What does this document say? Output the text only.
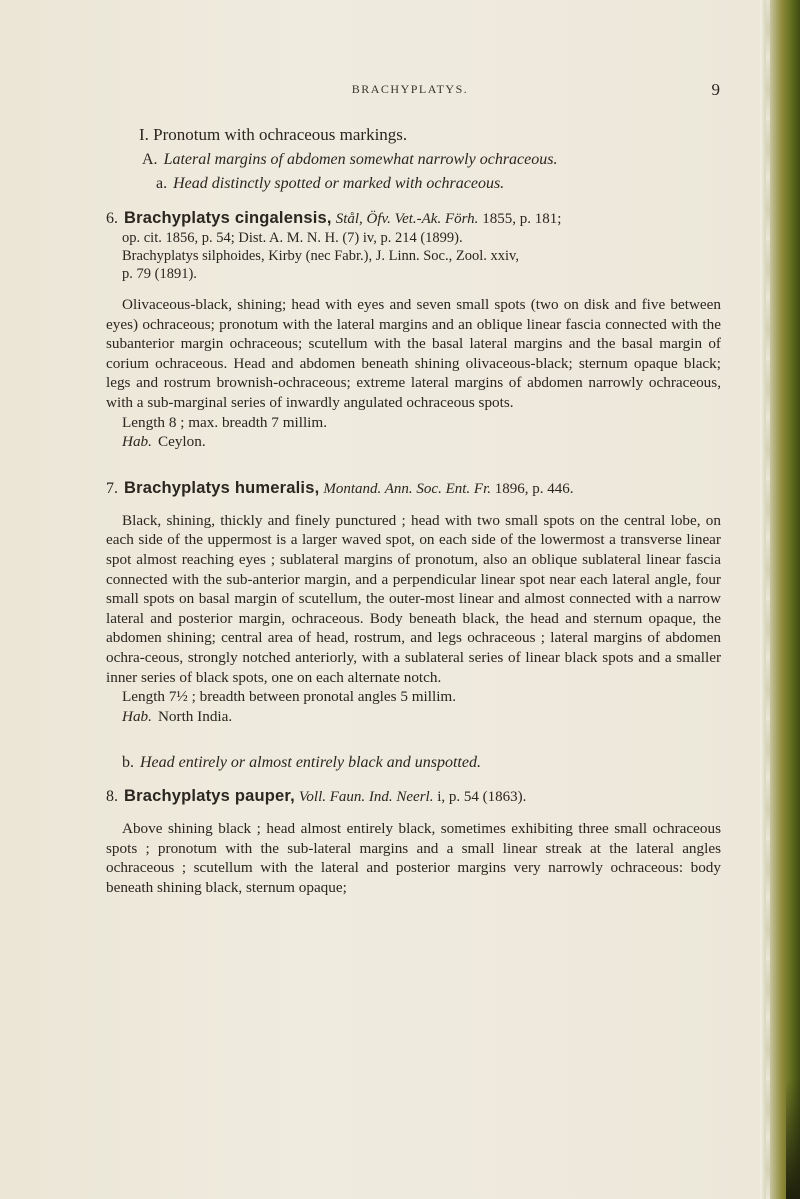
BRACHYPLATYS.	9

I. Pronotum with ochraceous markings.

A. Lateral margins of abdomen somewhat narrowly ochraceous.

a. Head distinctly spotted or marked with ochraceous.

6. Brachyplatys cingalensis, Stål, Öfv. Vet.-Ak. Förh. 1855, p. 181;

op. cit. 1856, p. 54; Dist. A. M. N. H. (7) iv, p. 214 (1899).

Brachyplatys silphoides, Kirby (nec Fabr.), J. Linn. Soc., Zool. xxiv,

p. 79 (1891).

Olivaceous-black, shining; head with eyes and seven small spots (two on disk and five between eyes) ochraceous; pronotum with the lateral margins and an oblique linear fascia connected with the subanterior margin ochraceous; scutellum with the basal lateral margins and the basal margin of corium ochraceous. Head and abdomen beneath shining olivaceous-black; sternum opaque black; legs and rostrum brownish-ochraceous; extreme lateral margins of abdomen narrowly ochraceous, with a sub-marginal series of inwardly angulated ochraceous spots.

Length 8 ; max. breadth 7 millim.

Hab. Ceylon.

7. Brachyplatys humeralis, Montand. Ann. Soc. Ent. Fr. 1896, p. 446.

Black, shining, thickly and finely punctured ; head with two small spots on the central lobe, on each side of the uppermost is a larger waved spot, on each side of the lowermost a transverse linear spot almost reaching eyes ; sublateral margins of pronotum, also an oblique sublateral linear fascia connected with the sub-anterior margin, and a perpendicular linear spot near each lateral angle, four small spots on basal margin of scutellum, the outer-most linear and almost connected with a narrow lateral and posterior margin, ochraceous. Body beneath black, the head and sternum opaque, the abdomen shining; central area of head, rostrum, and legs ochraceous ; lateral margins of abdomen ochra-ceous, strongly notched anteriorly, with a sublateral series of linear black spots and a smaller inner series of black spots, one on each alternate notch.

Length 7½ ; breadth between pronotal angles 5 millim.

Hab. North India.

b. Head entirely or almost entirely black and unspotted.

8. Brachyplatys pauper, Voll. Faun. Ind. Neerl. i, p. 54 (1863).

Above shining black ; head almost entirely black, sometimes exhibiting three small ochraceous spots ; pronotum with the sub-lateral margins and a small linear streak at the lateral angles ochraceous ; scutellum with the lateral and posterior margins very narrowly ochraceous: body beneath shining black, sternum opaque;
